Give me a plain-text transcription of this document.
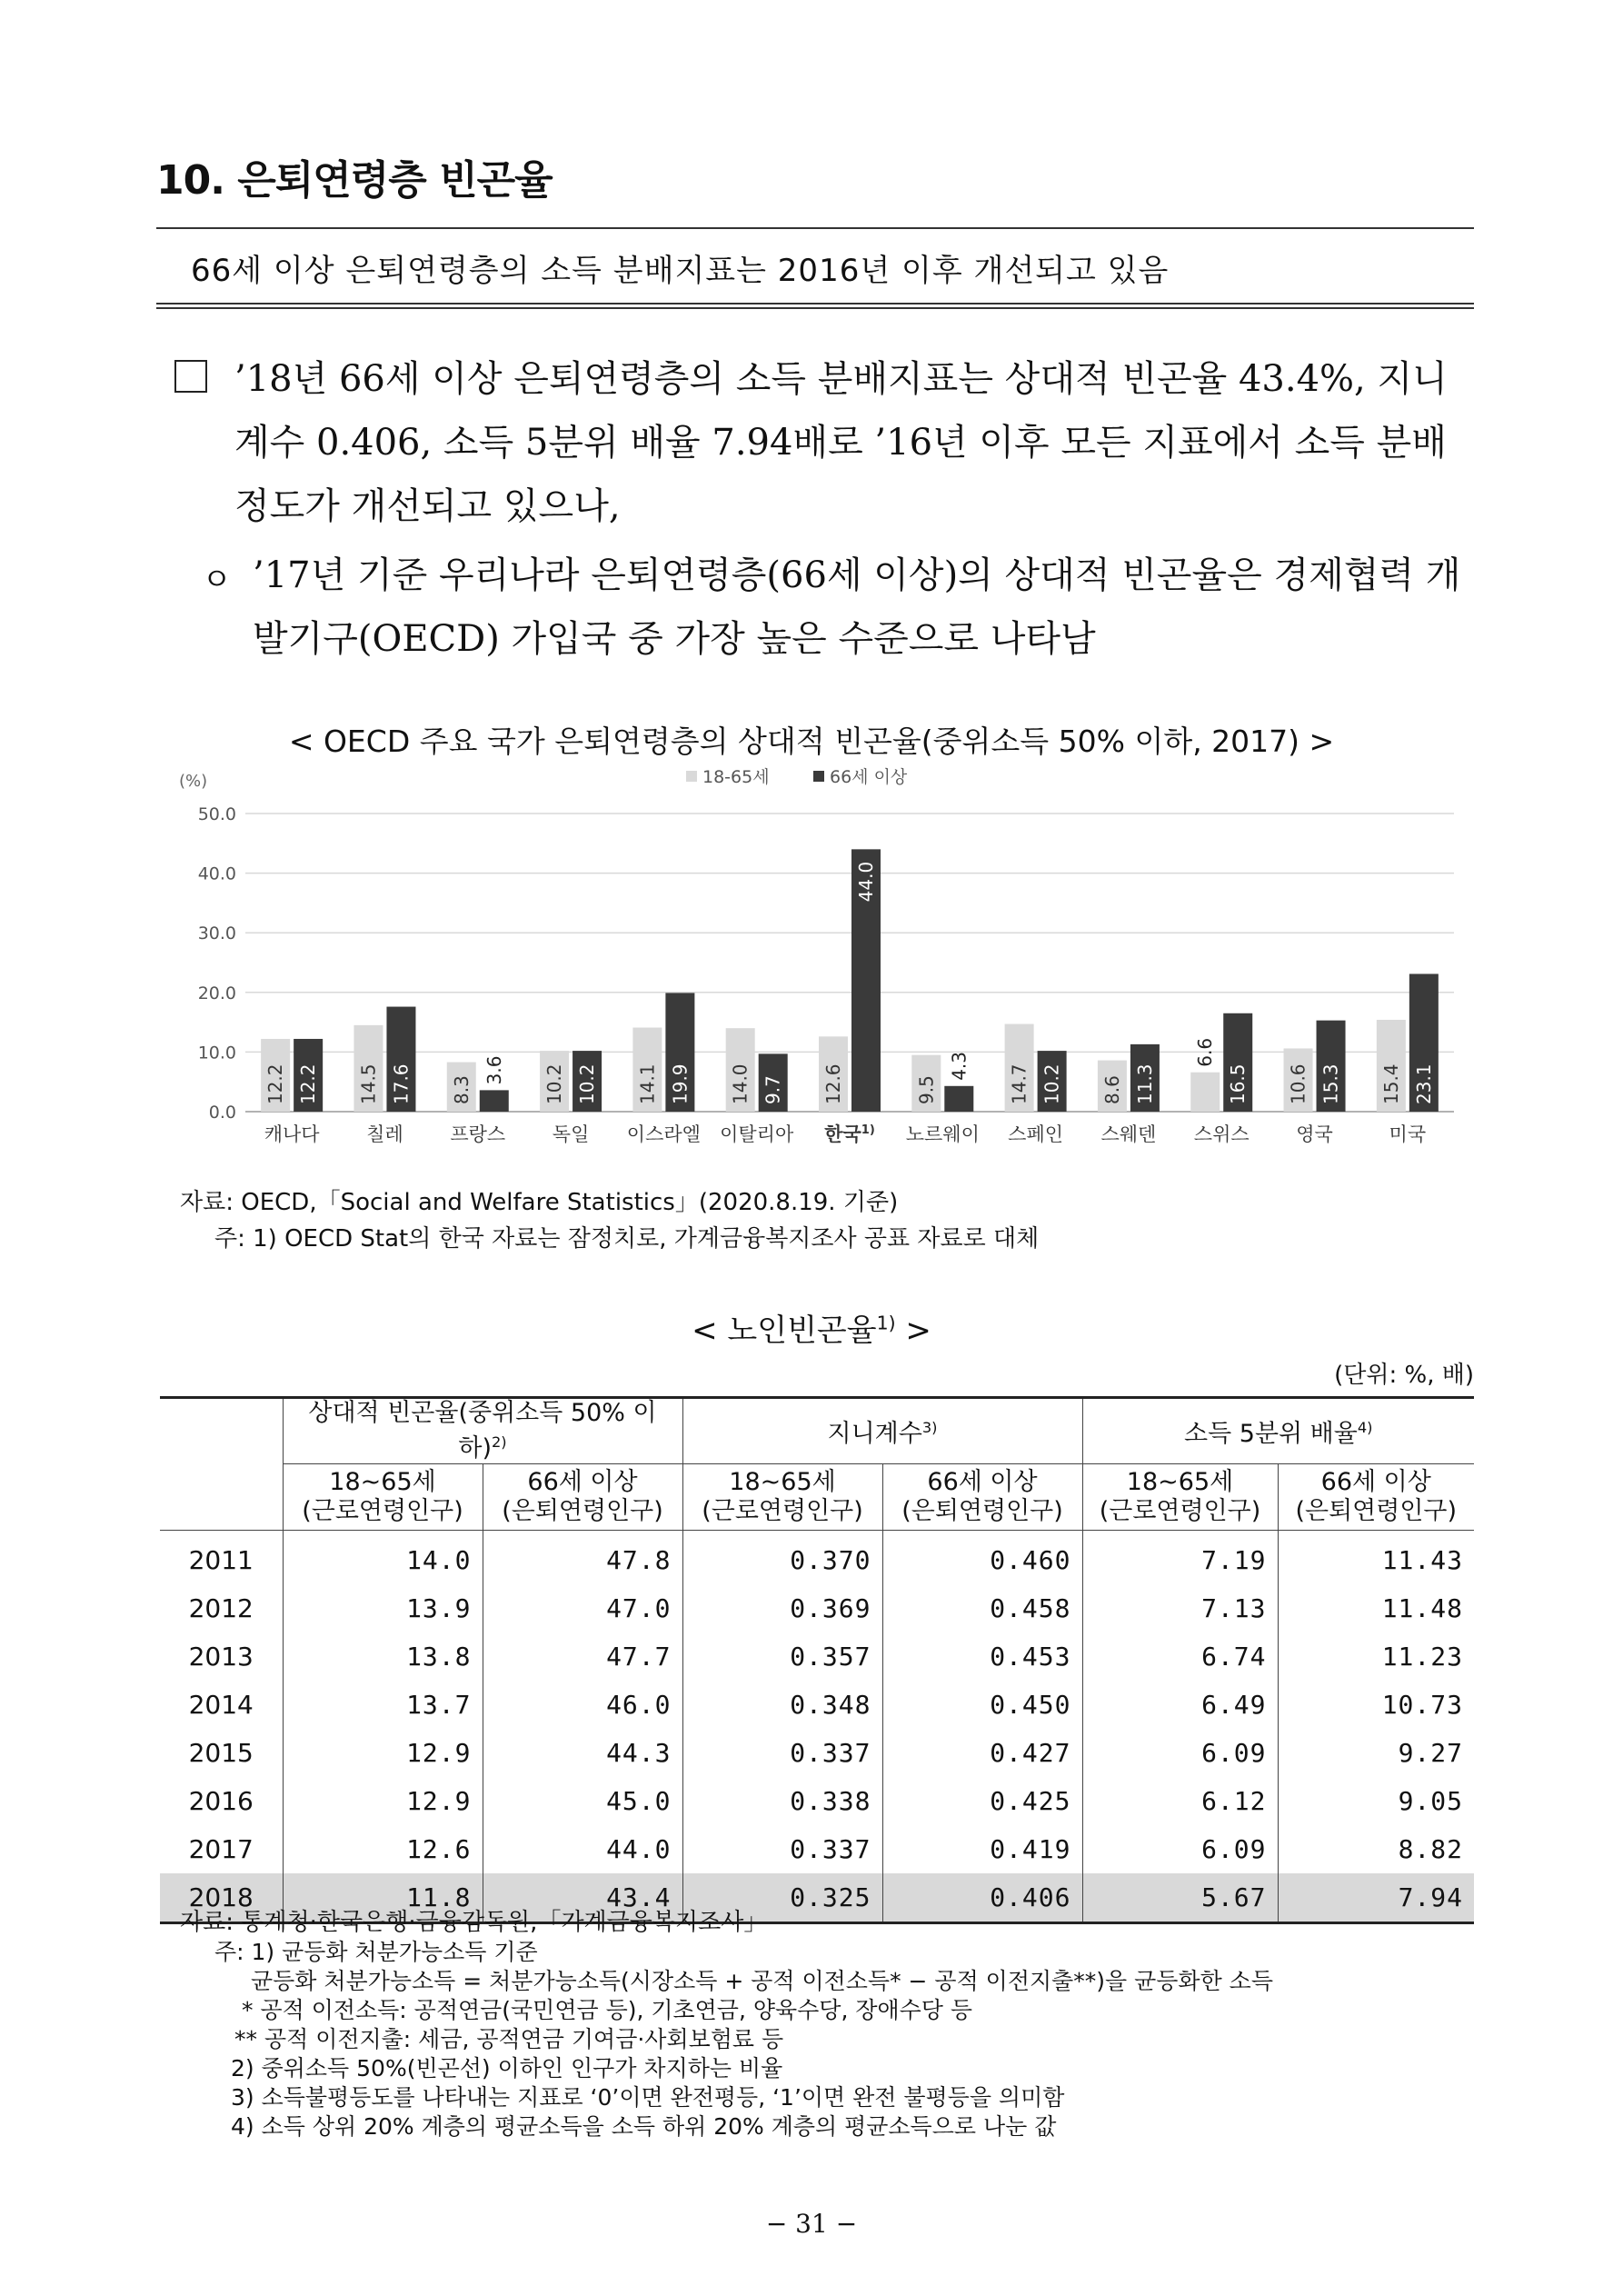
10. 은퇴연령층 빈곤율
66세 이상 은퇴연령층의 소득 분배지표는 2016년 이후 개선되고 있음
’18년 66세 이상 은퇴연령층의 소득 분배지표는 상대적 빈곤율 43.4%, 지니계수 0.406, 소득 5분위 배율 7.94배로 ’16년 이후 모든 지표에서 소득 분배 정도가 개선되고 있으나,
ㅇ ’17년 기준 우리나라 은퇴연령층(66세 이상)의 상대적 빈곤율은 경제협력 개발기구(OECD) 가입국 중 가장 높은 수준으로 나타남
< OECD 주요 국가 은퇴연령층의 상대적 빈곤율(중위소득 50% 이하, 2017) >
(%)
0.0
10.0
20.0
30.0
40.0
50.0
12.2 12.2
캐나다
14.5 17.6
칠레
8.3
3.6
프랑스
10.2 10.2
독일
14.1 19.9
이스라엘
14.0 9.7
이탈리아
12.6
44.0
한국$^{1)}$
9.5
4.3
노르웨이
14.7 10.2
스페인
8.6 11.3
스웨덴
6.6
16.5
스위스
10.6 15.3
영국
15.4 23.1
미국
18-65세	66세 이상
자료: OECD,「Social and Welfare Statistics」(2020.8.19. 기준)
주: 1) OECD Stat의 한국 자료는 잠정치로, 가계금융복지조사 공표 자료로 대체
< 노인빈곤율$^{1)}$ >
(단위: %, 배)
	상대적 빈곤율(중위소득 50% 이하)$^{2)}$		지니계수$^{3)}$		소득 5분위 배율$^{4)}$
	18~65세
(근로연령인구)	66세 이상
(은퇴연령인구)	18~65세
(근로연령인구)	66세 이상
(은퇴연령인구)	18~65세
(근로연령인구)	66세 이상
(은퇴연령인구)
2011	14.0	47.8	0.370	0.460	7.19	11.43
2012	13.9	47.0	0.369	0.458	7.13	11.48
2013	13.8	47.7	0.357	0.453	6.74	11.23
2014	13.7	46.0	0.348	0.450	6.49	10.73
2015	12.9	44.3	0.337	0.427	6.09	9.27
2016	12.9	45.0	0.338	0.425	6.12	9.05
2017	12.6	44.0	0.337	0.419	6.09	8.82
2018	11.8	43.4	0.325	0.406	5.67	7.94
자료: 통계청·한국은행·금융감독원,「가계금융복지조사」
주: 1) 균등화 처분가능소득 기준
균등화 처분가능소득 = 처분가능소득(시장소득 + 공적 이전소득* − 공적 이전지출**)을 균등화한 소득
* 공적 이전소득: 공적연금(국민연금 등), 기초연금, 양육수당, 장애수당 등
** 공적 이전지출: 세금, 공적연금 기여금·사회보험료 등
2) 중위소득 50%(빈곤선) 이하인 인구가 차지하는 비율
3) 소득불평등도를 나타내는 지표로 ‘0’이면 완전평등, ‘1’이면 완전 불평등을 의미함
4) 소득 상위 20% 계층의 평균소득을 소득 하위 20% 계층의 평균소득으로 나눈 값
− 31 −
